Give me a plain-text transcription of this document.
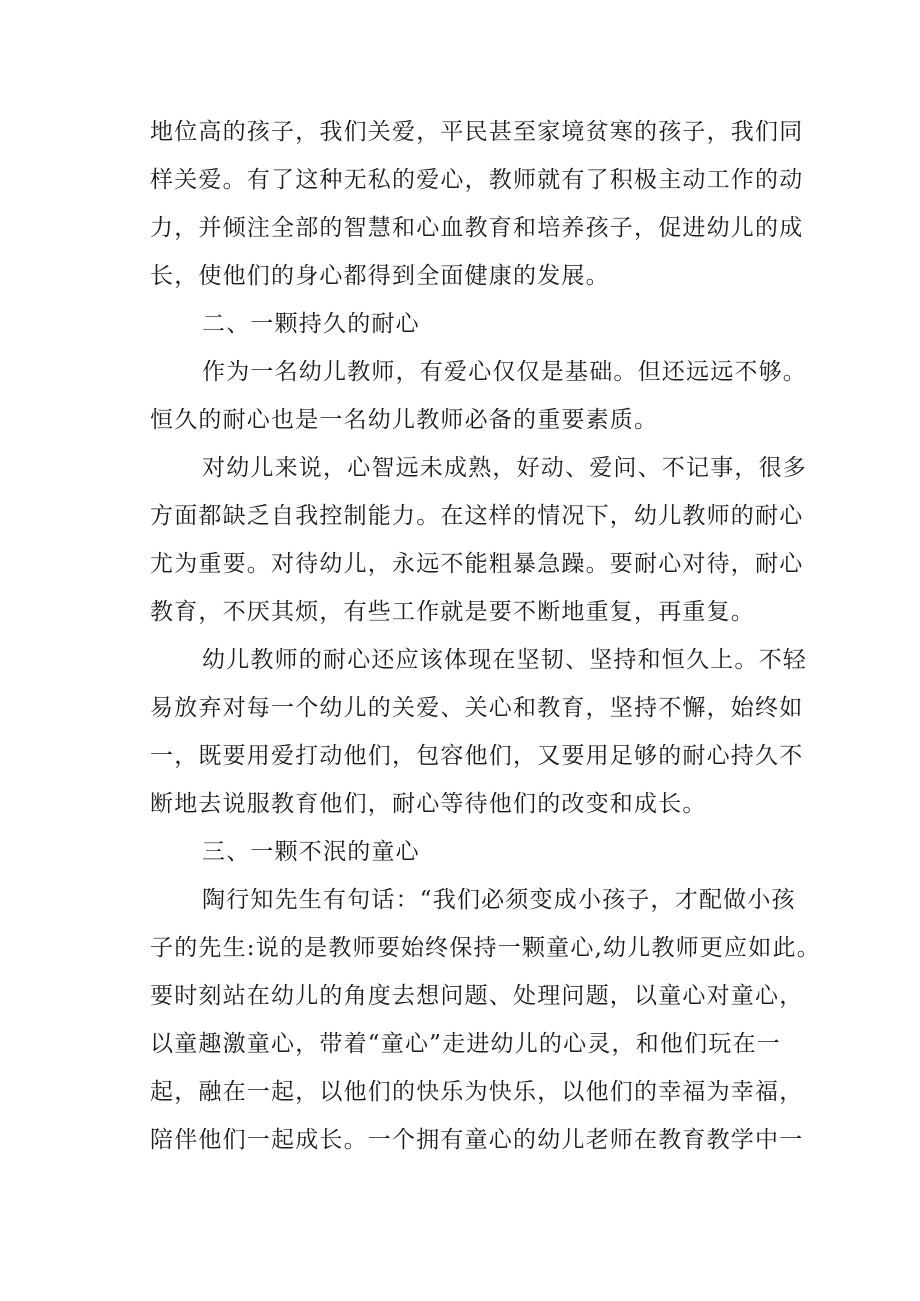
地位高的孩子，我们关爱，平民甚至家境贫寒的孩子，我们同

样关爱。有了这种无私的爱心，教师就有了积极主动工作的动

力，并倾注全部的智慧和心血教育和培养孩子，促进幼儿的成

长，使他们的身心都得到全面健康的发展。

二、一颗持久的耐心

作为一名幼儿教师，有爱心仅仅是基础。但还远远不够。

恒久的耐心也是一名幼儿教师必备的重要素质。

对幼儿来说，心智远未成熟，好动、爱问、不记事，很多

方面都缺乏自我控制能力。在这样的情况下，幼儿教师的耐心

尤为重要。对待幼儿，永远不能粗暴急躁。要耐心对待，耐心

教育，不厌其烦，有些工作就是要不断地重复，再重复。

幼儿教师的耐心还应该体现在坚韧、坚持和恒久上。不轻

易放弃对每一个幼儿的关爱、关心和教育，坚持不懈，始终如

一，既要用爱打动他们，包容他们，又要用足够的耐心持久不

断地去说服教育他们，耐心等待他们的改变和成长。

三、一颗不泯的童心

陶行知先生有句话：“我们必须变成小孩子，才配做小孩

子的先生:说的是教师要始终保持一颗童心,幼儿教师更应如此。

要时刻站在幼儿的角度去想问题、处理问题，以童心对童心，

以童趣激童心，带着“童心”走进幼儿的心灵，和他们玩在一

起，融在一起，以他们的快乐为快乐，以他们的幸福为幸福，

陪伴他们一起成长。一个拥有童心的幼儿老师在教育教学中一
